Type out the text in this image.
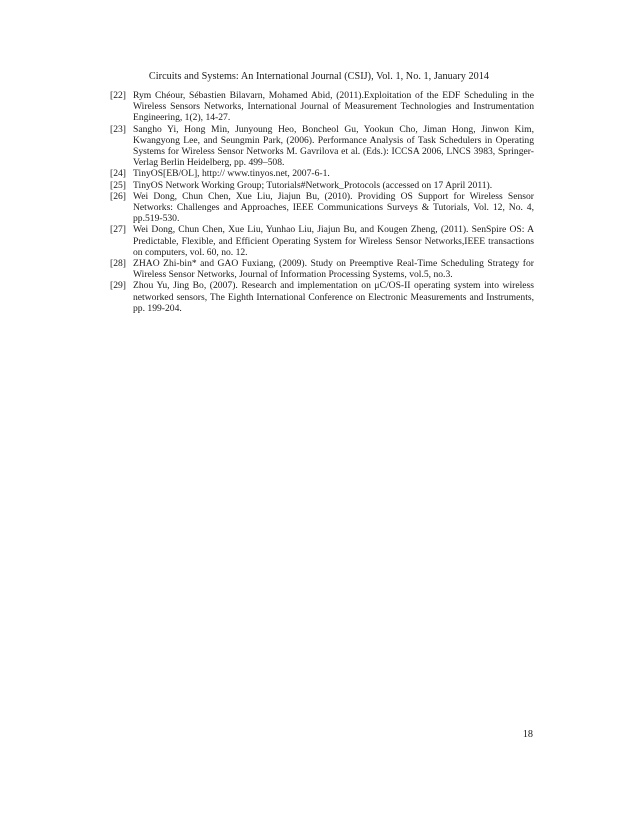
Circuits and Systems: An International Journal (CSIJ), Vol. 1, No. 1, January 2014
[22] Rym Chéour, Sébastien Bilavarn, Mohamed Abid, (2011).Exploitation of the EDF Scheduling in the Wireless Sensors Networks, International Journal of Measurement Technologies and Instrumentation Engineering, 1(2), 14-27.
[23] Sangho Yi, Hong Min, Junyoung Heo, Boncheol Gu, Yookun Cho, Jiman Hong, Jinwon Kim, Kwangyong Lee, and Seungmin Park, (2006). Performance Analysis of Task Schedulers in Operating Systems for Wireless Sensor Networks M. Gavrilova et al. (Eds.): ICCSA 2006, LNCS 3983, Springer-Verlag Berlin Heidelberg, pp. 499–508.
[24] TinyOS[EB/OL], http:// www.tinyos.net, 2007-6-1.
[25] TinyOS Network Working Group; Tutorials#Network_Protocols (accessed on 17 April 2011).
[26] Wei Dong, Chun Chen, Xue Liu, Jiajun Bu, (2010). Providing OS Support for Wireless Sensor Networks: Challenges and Approaches, IEEE Communications Surveys & Tutorials, Vol. 12, No. 4, pp.519-530.
[27] Wei Dong, Chun Chen, Xue Liu, Yunhao Liu, Jiajun Bu, and Kougen Zheng, (2011). SenSpire OS: A Predictable, Flexible, and Efficient Operating System for Wireless Sensor Networks,IEEE transactions on computers, vol. 60, no. 12.
[28] ZHAO Zhi-bin* and GAO Fuxiang, (2009). Study on Preemptive Real-Time Scheduling Strategy for Wireless Sensor Networks, Journal of Information Processing Systems, vol.5, no.3.
[29] Zhou Yu, Jing Bo, (2007). Research and implementation on μC/OS-II operating system into wireless networked sensors, The Eighth International Conference on Electronic Measurements and Instruments, pp. 199-204.
18
